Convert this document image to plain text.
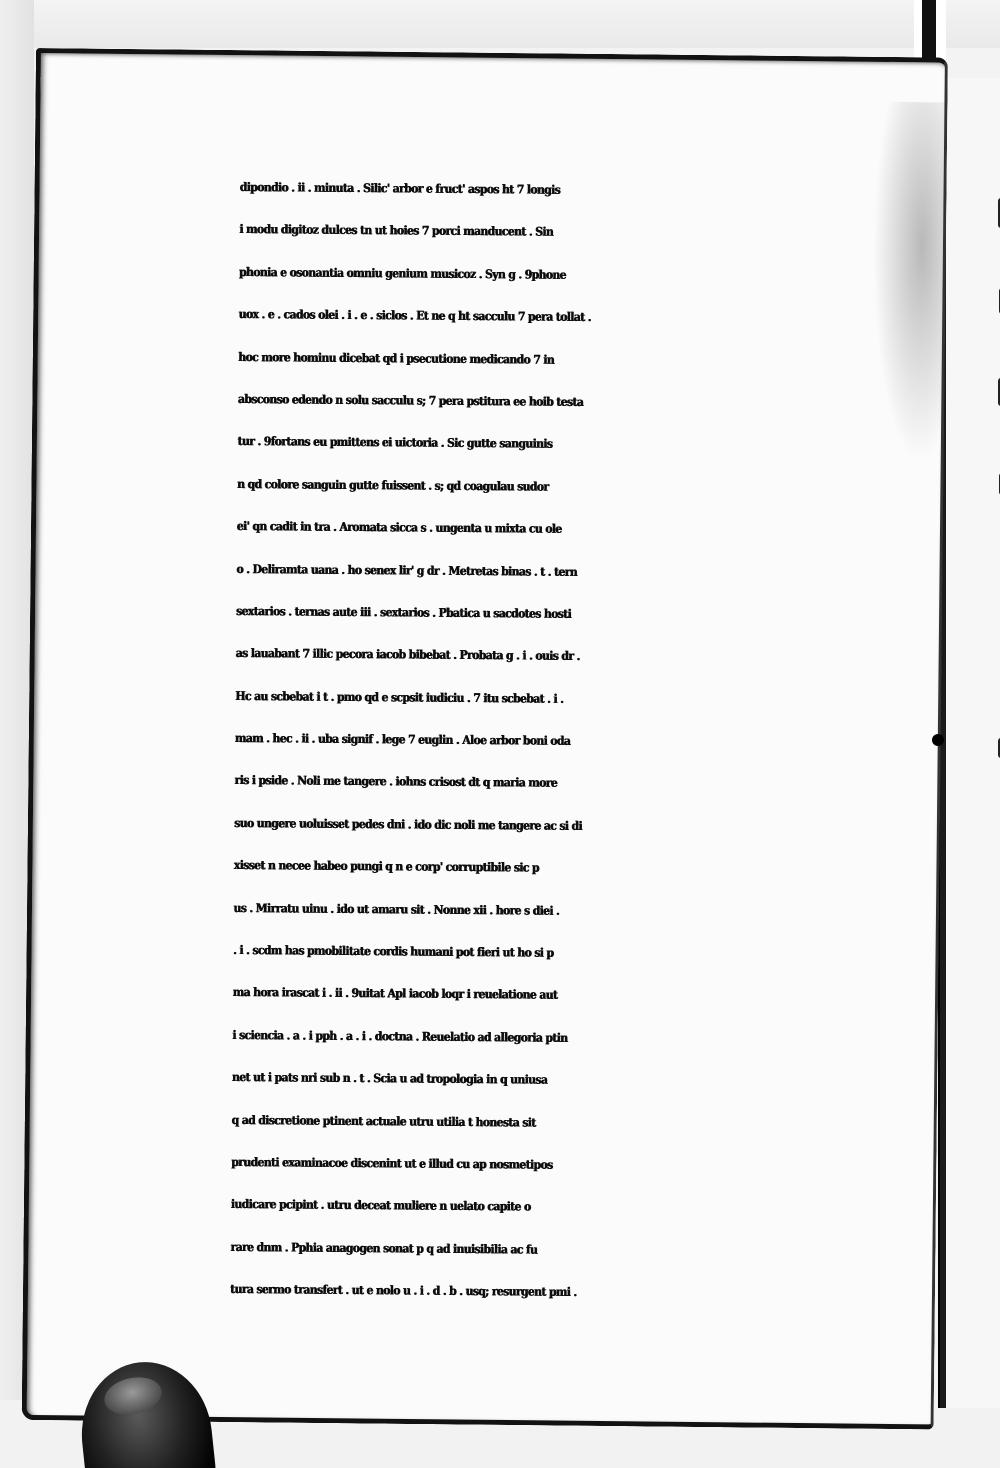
dipondio . ii . minuta . Silic' arbor e fruct' aspos ht 7 longis
i modu digitoz dulces tn ut hoies 7 porci manducent . Sin
phonia e osonantia omniu genium musicoz . Syn g . 9phone
uox . e . cados olei . i . e . siclos . Et ne q ht sacculu 7 pera tollat .
hoc more hominu dicebat qd i psecutione medicando 7 in
absconso edendo n solu sacculu s; 7 pera pstitura ee hoib testa
tur . 9fortans eu pmittens ei uictoria . Sic gutte sanguinis
n qd colore sanguin gutte fuissent . s; qd coagulau sudor
ei' qn cadit in tra . Aromata sicca s . ungenta u mixta cu ole
o . Deliramta uana . ho senex lir' g dr . Metretas binas . t . tern
sextarios . ternas aute iii . sextarios . Pbatica u sacdotes hosti
as lauabant 7 illic pecora iacob bibebat . Probata g . i . ouis dr .
Hc au scbebat i t . pmo qd e scpsit iudiciu . 7 itu scbebat . i .
mam . hec . ii . uba signif . lege 7 euglin . Aloe arbor boni oda
ris i pside . Noli me tangere . iohns crisost dt q maria more
suo ungere uoluisset pedes dni . ido dic noli me tangere ac si di
xisset n necee habeo pungi q n e corp' corruptibile sic p
us . Mirratu uinu . ido ut amaru sit . Nonne xii . hore s diei .
. i . scdm has pmobilitate cordis humani pot fieri ut ho si p
ma hora irascat i . ii . 9uitat Apl iacob loqr i reuelatione aut
i sciencia . a . i pph . a . i . doctna . Reuelatio ad allegoria ptin
net ut i pats nri sub n . t . Scia u ad tropologia in q uniusa
q ad discretione ptinent actuale utru utilia t honesta sit
prudenti examinacoe discenint ut e illud cu ap nosmetipos
iudicare pcipint . utru deceat muliere n uelato capite o
rare dnm . Pphia anagogen sonat p q ad inuisibilia ac fu
tura sermo transfert . ut e nolo u . i . d . b . usq; resurgent pmi .
